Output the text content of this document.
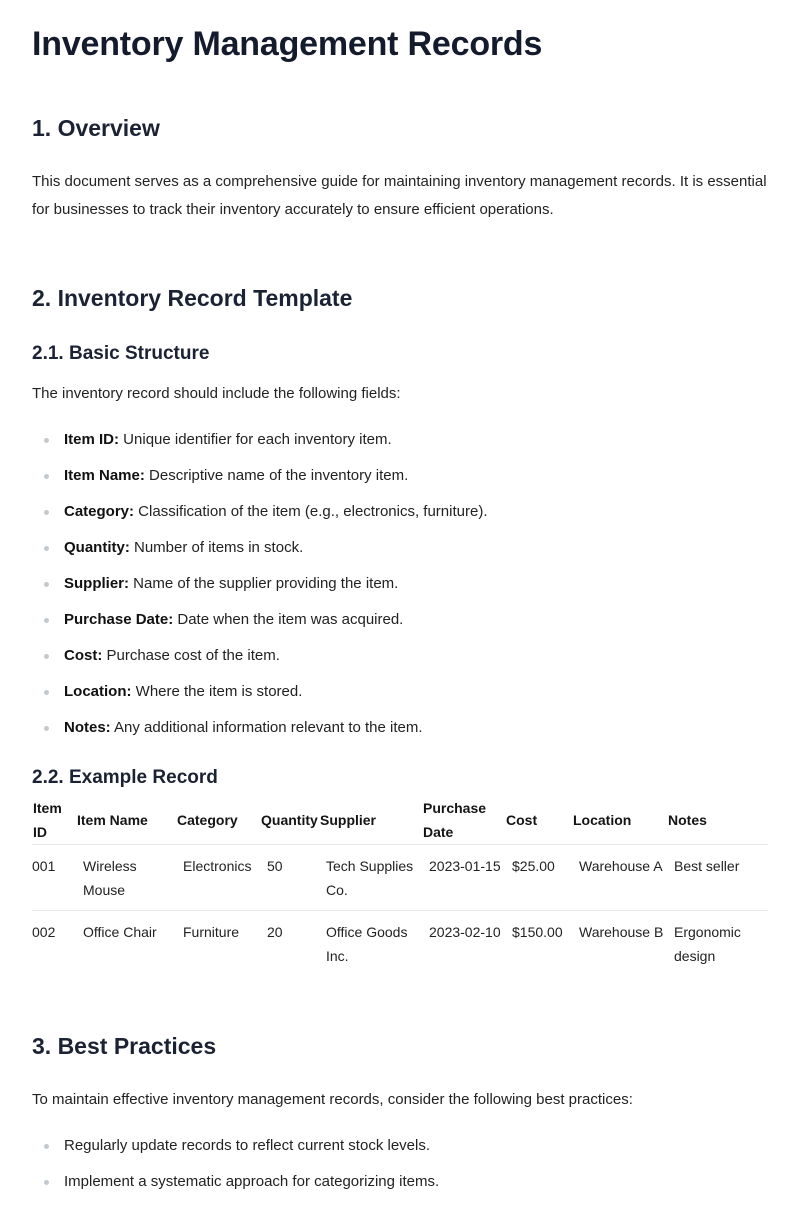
Inventory Management Records
1. Overview

This document serves as a comprehensive guide for maintaining inventory management records. It is essential for businesses to track their inventory accurately to ensure efficient operations.

2. Inventory Record Template
2.1. Basic Structure

The inventory record should include the following fields:

Item ID: Unique identifier for each inventory item.
Item Name: Descriptive name of the inventory item.
Category: Classification of the item (e.g., electronics, furniture).
Quantity: Number of items in stock.
Supplier: Name of the supplier providing the item.
Purchase Date: Date when the item was acquired.
Cost: Purchase cost of the item.
Location: Where the item is stored.
Notes: Any additional information relevant to the item.
2.2. Example Record
Item ID	Item Name	Category	Quantity	Supplier	Purchase Date	Cost	Location	Notes
001	Wireless Mouse	Electronics	50	Tech Supplies Co.	2023-01-15	$25.00	Warehouse A	Best seller
002	Office Chair	Furniture	20	Office Goods Inc.	2023-02-10	$150.00	Warehouse B	Ergonomic design
3. Best Practices

To maintain effective inventory management records, consider the following best practices:

Regularly update records to reflect current stock levels.
Implement a systematic approach for categorizing items.
